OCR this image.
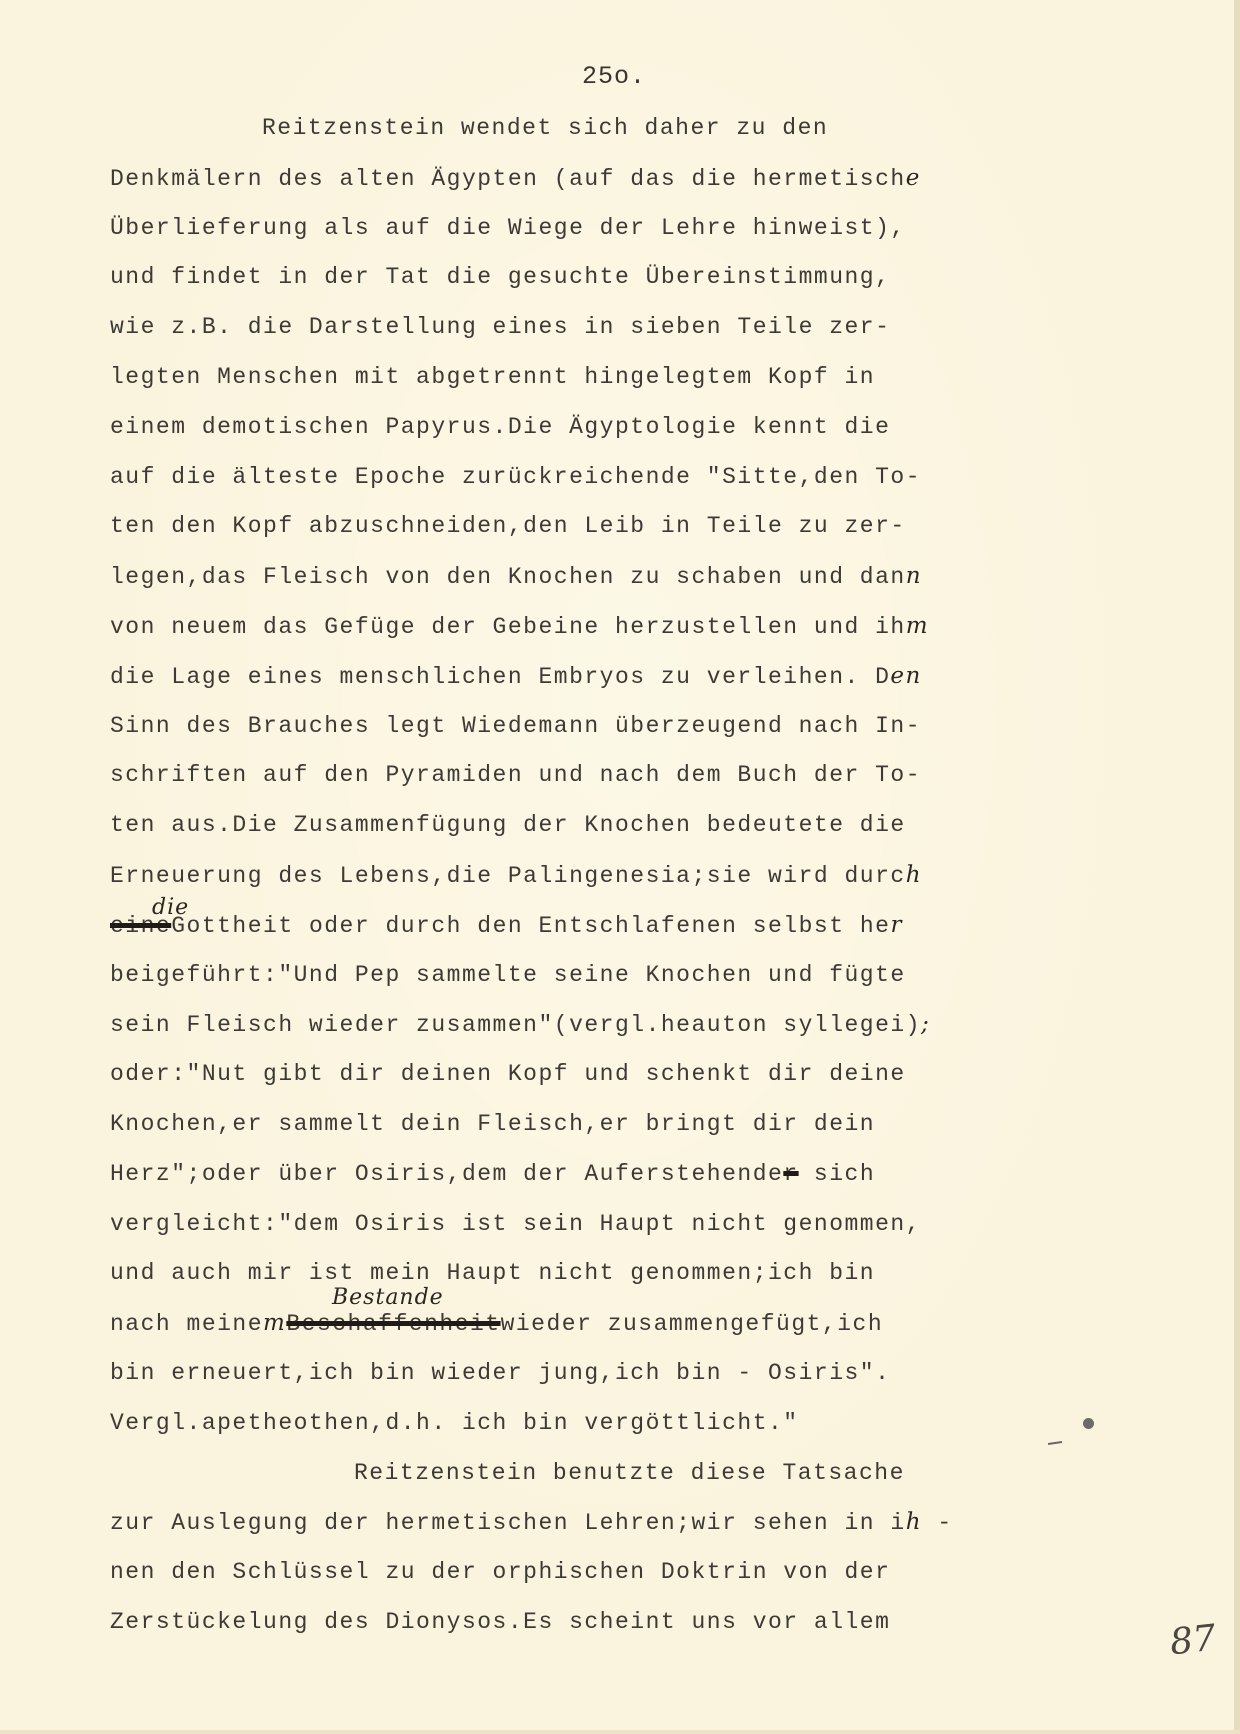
25o.
Reitzenstein wendet sich daher zu den
Denkmälern des alten Ägypten (auf das die hermetische
Überlieferung als auf die Wiege der Lehre hinweist),
und findet in der Tat die gesuchte Übereinstimmung,
wie z.B. die Darstellung eines in sieben Teile zer-
legten Menschen mit abgetrennt hingelegtem Kopf in
einem demotischen Papyrus.Die Ägyptologie kennt die
auf die älteste Epoche zurückreichende "Sitte,den To-
ten den Kopf abzuschneiden,den Leib in Teile zu zer-
legen,das Fleisch von den Knochen zu schaben und dann
von neuem das Gefüge der Gebeine herzustellen und ihm
die Lage eines menschlichen Embryos zu verleihen. Den
Sinn des Brauches legt Wiedemann überzeugend nach In-
schriften auf den Pyramiden und nach dem Buch der To-
ten aus.Die Zusammenfügung der Knochen bedeutete die
Erneuerung des Lebens,die Palingenesia;sie wird durch
die
eineGottheit oder durch den Entschlafenen selbst her
beigeführt:"Und Pep sammelte seine Knochen und fügte
sein Fleisch wieder zusammen"(vergl.heauton syllegei);
oder:"Nut gibt dir deinen Kopf und schenkt dir deine
Knochen,er sammelt dein Fleisch,er bringt dir dein
Herz";oder über Osiris,dem der Auferstehender sich
vergleicht:"dem Osiris ist sein Haupt nicht genommen,
und auch mir ist mein Haupt nicht genommen;ich bin
nach meinem
Bestande
Beschaffenheitwieder zusammengefügt,ich
bin erneuert,ich bin wieder jung,ich bin - Osiris".
Vergl.apetheothen,d.h. ich bin vergöttlicht."
Reitzenstein benutzte diese Tatsache
zur Auslegung der hermetischen Lehren;wir sehen in ih -
nen den Schlüssel zu der orphischen Doktrin von der
Zerstückelung des Dionysos.Es scheint uns vor allem	87
